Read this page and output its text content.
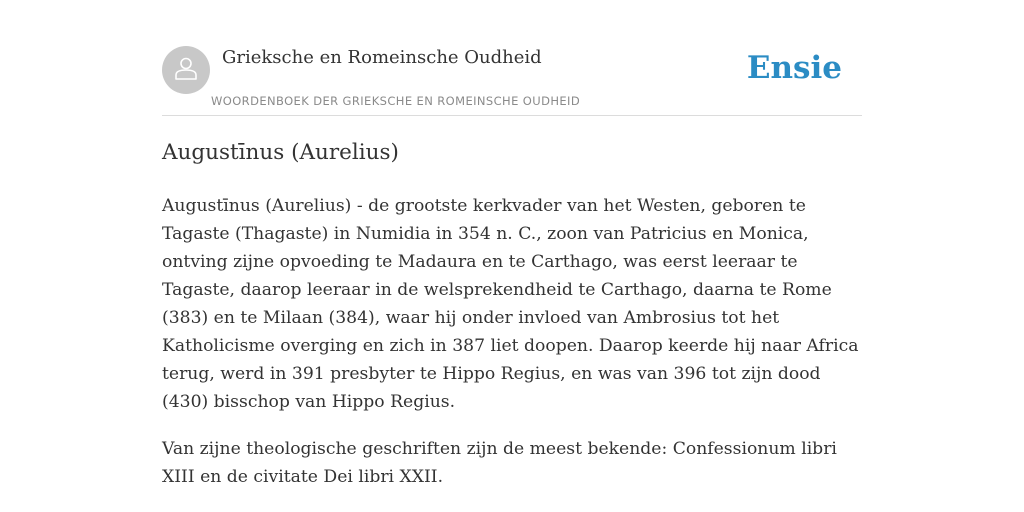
Grieksche en Romeinsche Oudheid
WOORDENBOEK DER GRIEKSCHE EN ROMEINSCHE OUDHEID
Ensie
Augustīnus (Aurelius)

Augustīnus (Aurelius) - de grootste kerkvader van het Westen, geboren te Tagaste (Thagaste) in Numidia in 354 n. C., zoon van Patricius en Monica, ontving zijne opvoeding te Madaura en te Carthago, was eerst leeraar te Tagaste, daarop leeraar in de welsprekendheid te Carthago, daarna te Rome (383) en te Milaan (384), waar hij onder invloed van Ambrosius tot het Katholicisme overging en zich in 387 liet doopen. Daarop keerde hij naar Africa terug, werd in 391 presbyter te Hippo Regius, en was van 396 tot zijn dood (430) bisschop van Hippo Regius.

Van zijne theologische geschriften zijn de meest bekende: Confessionum libri XIII en de civitate Dei libri XXII.
